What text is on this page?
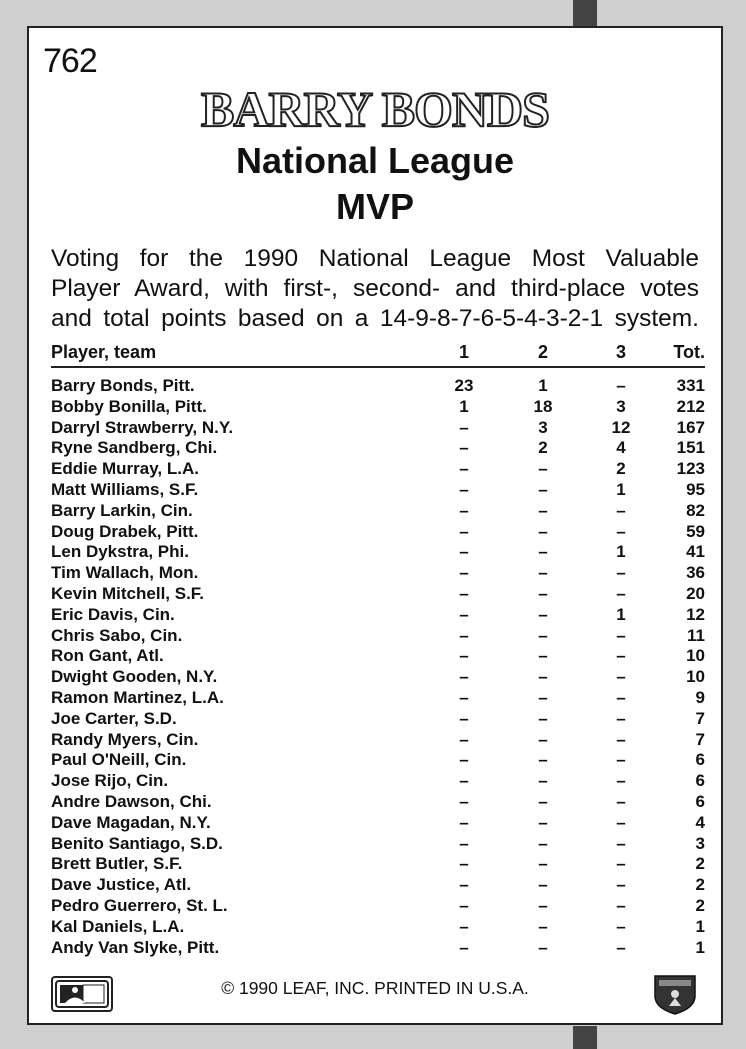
762
BARRY BONDS
National League
MVP
Voting for the 1990 National League Most Valuable
Player Award, with first-, second- and third-place votes
and total points based on a 14-9-8-7-6-5-4-3-2-1 system.
Player, team	1	2	3	Tot.
Barry Bonds, Pitt.	23	1	–	331
Bobby Bonilla, Pitt.	1	18	3	212
Darryl Strawberry, N.Y.	–	3	12	167
Ryne Sandberg, Chi.	–	2	4	151
Eddie Murray, L.A.	–	–	2	123
Matt Williams, S.F.	–	–	1	95
Barry Larkin, Cin.	–	–	–	82
Doug Drabek, Pitt.	–	–	–	59
Len Dykstra, Phi.	–	–	1	41
Tim Wallach, Mon.	–	–	–	36
Kevin Mitchell, S.F.	–	–	–	20
Eric Davis, Cin.	–	–	1	12
Chris Sabo, Cin.	–	–	–	11
Ron Gant, Atl.	–	–	–	10
Dwight Gooden, N.Y.	–	–	–	10
Ramon Martinez, L.A.	–	–	–	9
Joe Carter, S.D.	–	–	–	7
Randy Myers, Cin.	–	–	–	7
Paul O'Neill, Cin.	–	–	–	6
Jose Rijo, Cin.	–	–	–	6
Andre Dawson, Chi.	–	–	–	6
Dave Magadan, N.Y.	–	–	–	4
Benito Santiago, S.D.	–	–	–	3
Brett Butler, S.F.	–	–	–	2
Dave Justice, Atl.	–	–	–	2
Pedro Guerrero, St. L.	–	–	–	2
Kal Daniels, L.A.	–	–	–	1
Andy Van Slyke, Pitt.	–	–	–	1
© 1990 LEAF, INC. PRINTED IN U.S.A.
